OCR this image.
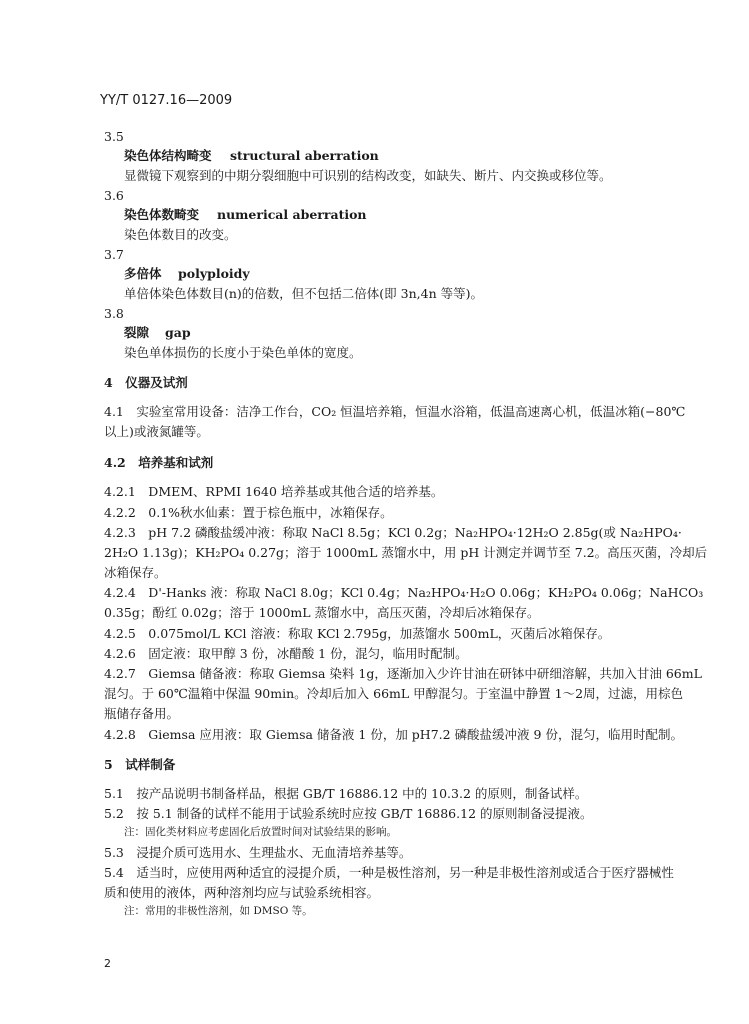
YY/T 0127.16—2009
3.5
染色体结构畸变 structural aberration
显微镜下观察到的中期分裂细胞中可识别的结构改变，如缺失、断片、内交换或移位等。
3.6
染色体数畸变 numerical aberration
染色体数目的改变。
3.7
多倍体 polyploidy
单倍体染色体数目(n)的倍数，但不包括二倍体(即 3n,4n 等等)。
3.8
裂隙 gap
染色单体损伤的长度小于染色单体的宽度。
4　仪器及试剂
4.1　实验室常用设备：洁净工作台，CO₂ 恒温培养箱，恒温水浴箱，低温高速离心机，低温冰箱(−80℃
以上)或液氮罐等。
4.2　培养基和试剂
4.2.1　DMEM、RPMI 1640 培养基或其他合适的培养基。
4.2.2　0.1%秋水仙素：置于棕色瓶中，冰箱保存。
4.2.3　pH 7.2 磷酸盐缓冲液：称取 NaCl 8.5g；KCl 0.2g；Na₂HPO₄·12H₂O 2.85g(或 Na₂HPO₄·
2H₂O 1.13g)；KH₂PO₄ 0.27g；溶于 1000mL 蒸馏水中，用 pH 计测定并调节至 7.2。高压灭菌，冷却后
冰箱保存。
4.2.4　D'-Hanks 液：称取 NaCl 8.0g；KCl 0.4g；Na₂HPO₄·H₂O 0.06g；KH₂PO₄ 0.06g；NaHCO₃
0.35g；酚红 0.02g；溶于 1000mL 蒸馏水中，高压灭菌，冷却后冰箱保存。
4.2.5　0.075mol/L KCl 溶液：称取 KCl 2.795g，加蒸馏水 500mL，灭菌后冰箱保存。
4.2.6　固定液：取甲醇 3 份，冰醋酸 1 份，混匀，临用时配制。
4.2.7　Giemsa 储备液：称取 Giemsa 染料 1g，逐渐加入少许甘油在研钵中研细溶解，共加入甘油 66mL
混匀。于 60℃温箱中保温 90min。冷却后加入 66mL 甲醇混匀。于室温中静置 1～2周，过滤，用棕色
瓶储存备用。
4.2.8　Giemsa 应用液：取 Giemsa 储备液 1 份，加 pH7.2 磷酸盐缓冲液 9 份，混匀，临用时配制。
5　试样制备
5.1　按产品说明书制备样品，根据 GB/T 16886.12 中的 10.3.2 的原则，制备试样。
5.2　按 5.1 制备的试样不能用于试验系统时应按 GB/T 16886.12 的原则制备浸提液。
注：固化类材料应考虑固化后放置时间对试验结果的影响。
5.3　浸提介质可选用水、生理盐水、无血清培养基等。
5.4　适当时，应使用两种适宜的浸提介质，一种是极性溶剂，另一种是非极性溶剂或适合于医疗器械性
质和使用的液体，两种溶剂均应与试验系统相容。
注：常用的非极性溶剂，如 DMSO 等。
2
